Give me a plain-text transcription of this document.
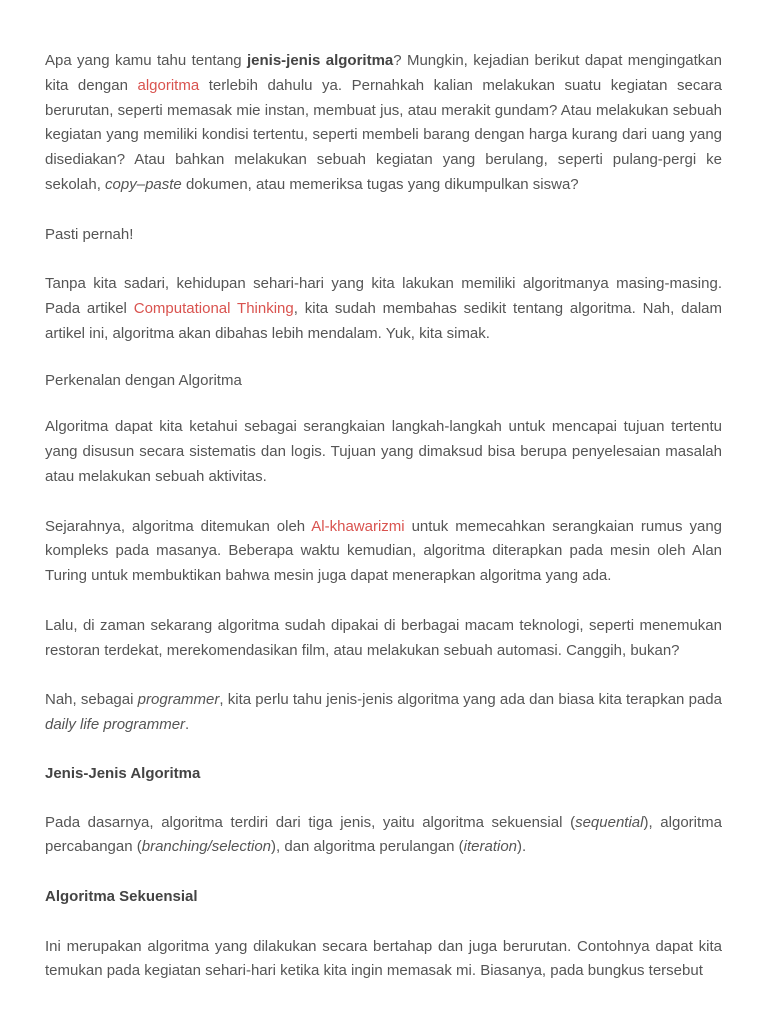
Apa yang kamu tahu tentang jenis-jenis algoritma? Mungkin, kejadian berikut dapat mengingatkan kita dengan algoritma terlebih dahulu ya. Pernahkah kalian melakukan suatu kegiatan secara berurutan, seperti memasak mie instan, membuat jus, atau merakit gundam? Atau melakukan sebuah kegiatan yang memiliki kondisi tertentu, seperti membeli barang dengan harga kurang dari uang yang disediakan? Atau bahkan melakukan sebuah kegiatan yang berulang, seperti pulang-pergi ke sekolah, copy–paste dokumen, atau memeriksa tugas yang dikumpulkan siswa?

Pasti pernah!

Tanpa kita sadari, kehidupan sehari-hari yang kita lakukan memiliki algoritmanya masing-masing. Pada artikel Computational Thinking, kita sudah membahas sedikit tentang algoritma. Nah, dalam artikel ini, algoritma akan dibahas lebih mendalam. Yuk, kita simak.

Perkenalan dengan Algoritma

Algoritma dapat kita ketahui sebagai serangkaian langkah-langkah untuk mencapai tujuan tertentu yang disusun secara sistematis dan logis. Tujuan yang dimaksud bisa berupa penyelesaian masalah atau melakukan sebuah aktivitas.

Sejarahnya, algoritma ditemukan oleh Al-khawarizmi untuk memecahkan serangkaian rumus yang kompleks pada masanya. Beberapa waktu kemudian, algoritma diterapkan pada mesin oleh Alan Turing untuk membuktikan bahwa mesin juga dapat menerapkan algoritma yang ada.

Lalu, di zaman sekarang algoritma sudah dipakai di berbagai macam teknologi, seperti menemukan restoran terdekat, merekomendasikan film, atau melakukan sebuah automasi. Canggih, bukan?

Nah, sebagai programmer, kita perlu tahu jenis-jenis algoritma yang ada dan biasa kita terapkan pada daily life programmer.

Jenis-Jenis Algoritma

Pada dasarnya, algoritma terdiri dari tiga jenis, yaitu algoritma sekuensial (sequential), algoritma percabangan (branching/selection), dan algoritma perulangan (iteration).

Algoritma Sekuensial

Ini merupakan algoritma yang dilakukan secara bertahap dan juga berurutan. Contohnya dapat kita temukan pada kegiatan sehari-hari ketika kita ingin memasak mi. Biasanya, pada bungkus tersebut
